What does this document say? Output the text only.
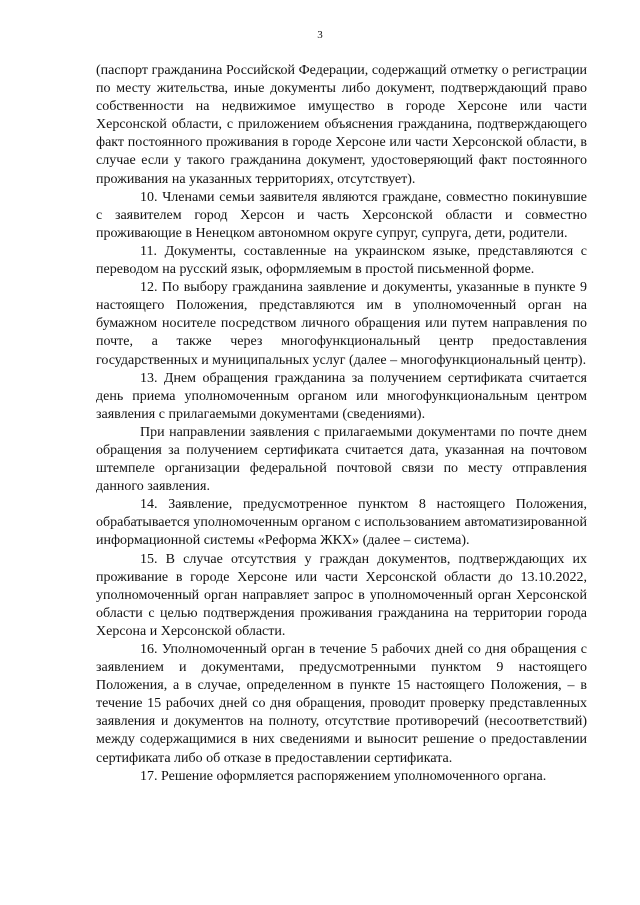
3

(паспорт гражданина Российской Федерации, содержащий отметку о регистрации по месту жительства, иные документы либо документ, подтверждающий право собственности на недвижимое имущество в городе Херсоне или части Херсонской области, с приложением объяснения гражданина, подтверждающего факт постоянного проживания в городе Херсоне или части Херсонской области, в случае если у такого гражданина документ, удостоверяющий факт постоянного проживания на указанных территориях, отсутствует).

10. Членами семьи заявителя являются граждане, совместно покинувшие с заявителем город Херсон и часть Херсонской области и совместно проживающие в Ненецком автономном округе супруг, супруга, дети, родители.

11. Документы, составленные на украинском языке, представляются с переводом на русский язык, оформляемым в простой письменной форме.

12. По выбору гражданина заявление и документы, указанные в пункте 9 настоящего Положения, представляются им в уполномоченный орган на бумажном носителе посредством личного обращения или путем направления по почте, а также через многофункциональный центр предоставления государственных и муниципальных услуг (далее – многофункциональный центр).

13. Днем обращения гражданина за получением сертификата считается день приема уполномоченным органом или многофункциональным центром заявления с прилагаемыми документами (сведениями).

При направлении заявления с прилагаемыми документами по почте днем обращения за получением сертификата считается дата, указанная на почтовом штемпеле организации федеральной почтовой связи по месту отправления данного заявления.

14. Заявление, предусмотренное пунктом 8 настоящего Положения, обрабатывается уполномоченным органом с использованием автоматизированной информационной системы «Реформа ЖКХ» (далее – система).

15. В случае отсутствия у граждан документов, подтверждающих их проживание в городе Херсоне или части Херсонской области до 13.10.2022, уполномоченный орган направляет запрос в уполномоченный орган Херсонской области с целью подтверждения проживания гражданина на территории города Херсона и Херсонской области.

16. Уполномоченный орган в течение 5 рабочих дней со дня обращения с заявлением и документами, предусмотренными пунктом 9 настоящего Положения, а в случае, определенном в пункте 15 настоящего Положения, – в течение 15 рабочих дней со дня обращения, проводит проверку представленных заявления и документов на полноту, отсутствие противоречий (несоответствий) между содержащимися в них сведениями и выносит решение о предоставлении сертификата либо об отказе в предоставлении сертификата.

17. Решение оформляется распоряжением уполномоченного органа.
